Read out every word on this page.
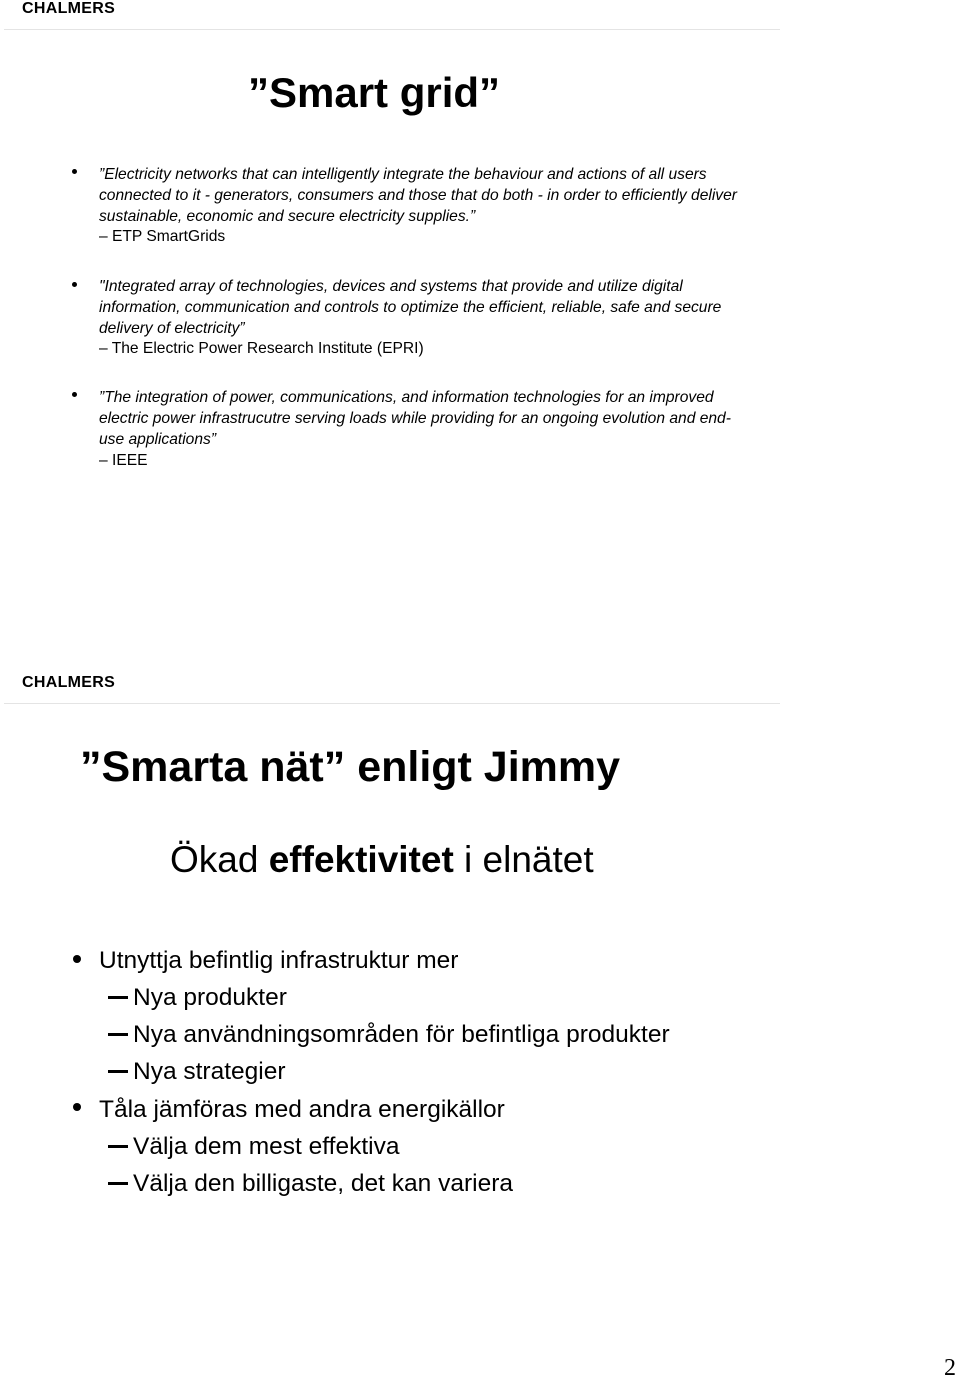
CHALMERS
”Smart grid”
”Electricity networks that can intelligently integrate the behaviour and actions of all users connected to it - generators, consumers and those that do both - in order to efficiently deliver sustainable, economic and secure electricity supplies.”
– ETP SmartGrids
"Integrated array of technologies, devices and systems that provide and utilize digital information, communication and controls to optimize the efficient, reliable, safe and secure delivery of electricity”
– The Electric Power Research Institute (EPRI)
”The integration of power, communications, and information technologies for an improved electric power infrastrucutre serving loads while providing for an ongoing evolution and end-use applications”
– IEEE
CHALMERS
”Smarta nät” enligt Jimmy
Ökad effektivitet i elnätet
Utnyttja befintlig infrastruktur mer
Nya produkter
Nya användningsområden för befintliga produkter
Nya strategier
Tåla jämföras med andra energikällor
Välja dem mest effektiva
Välja den billigaste, det kan variera
2
